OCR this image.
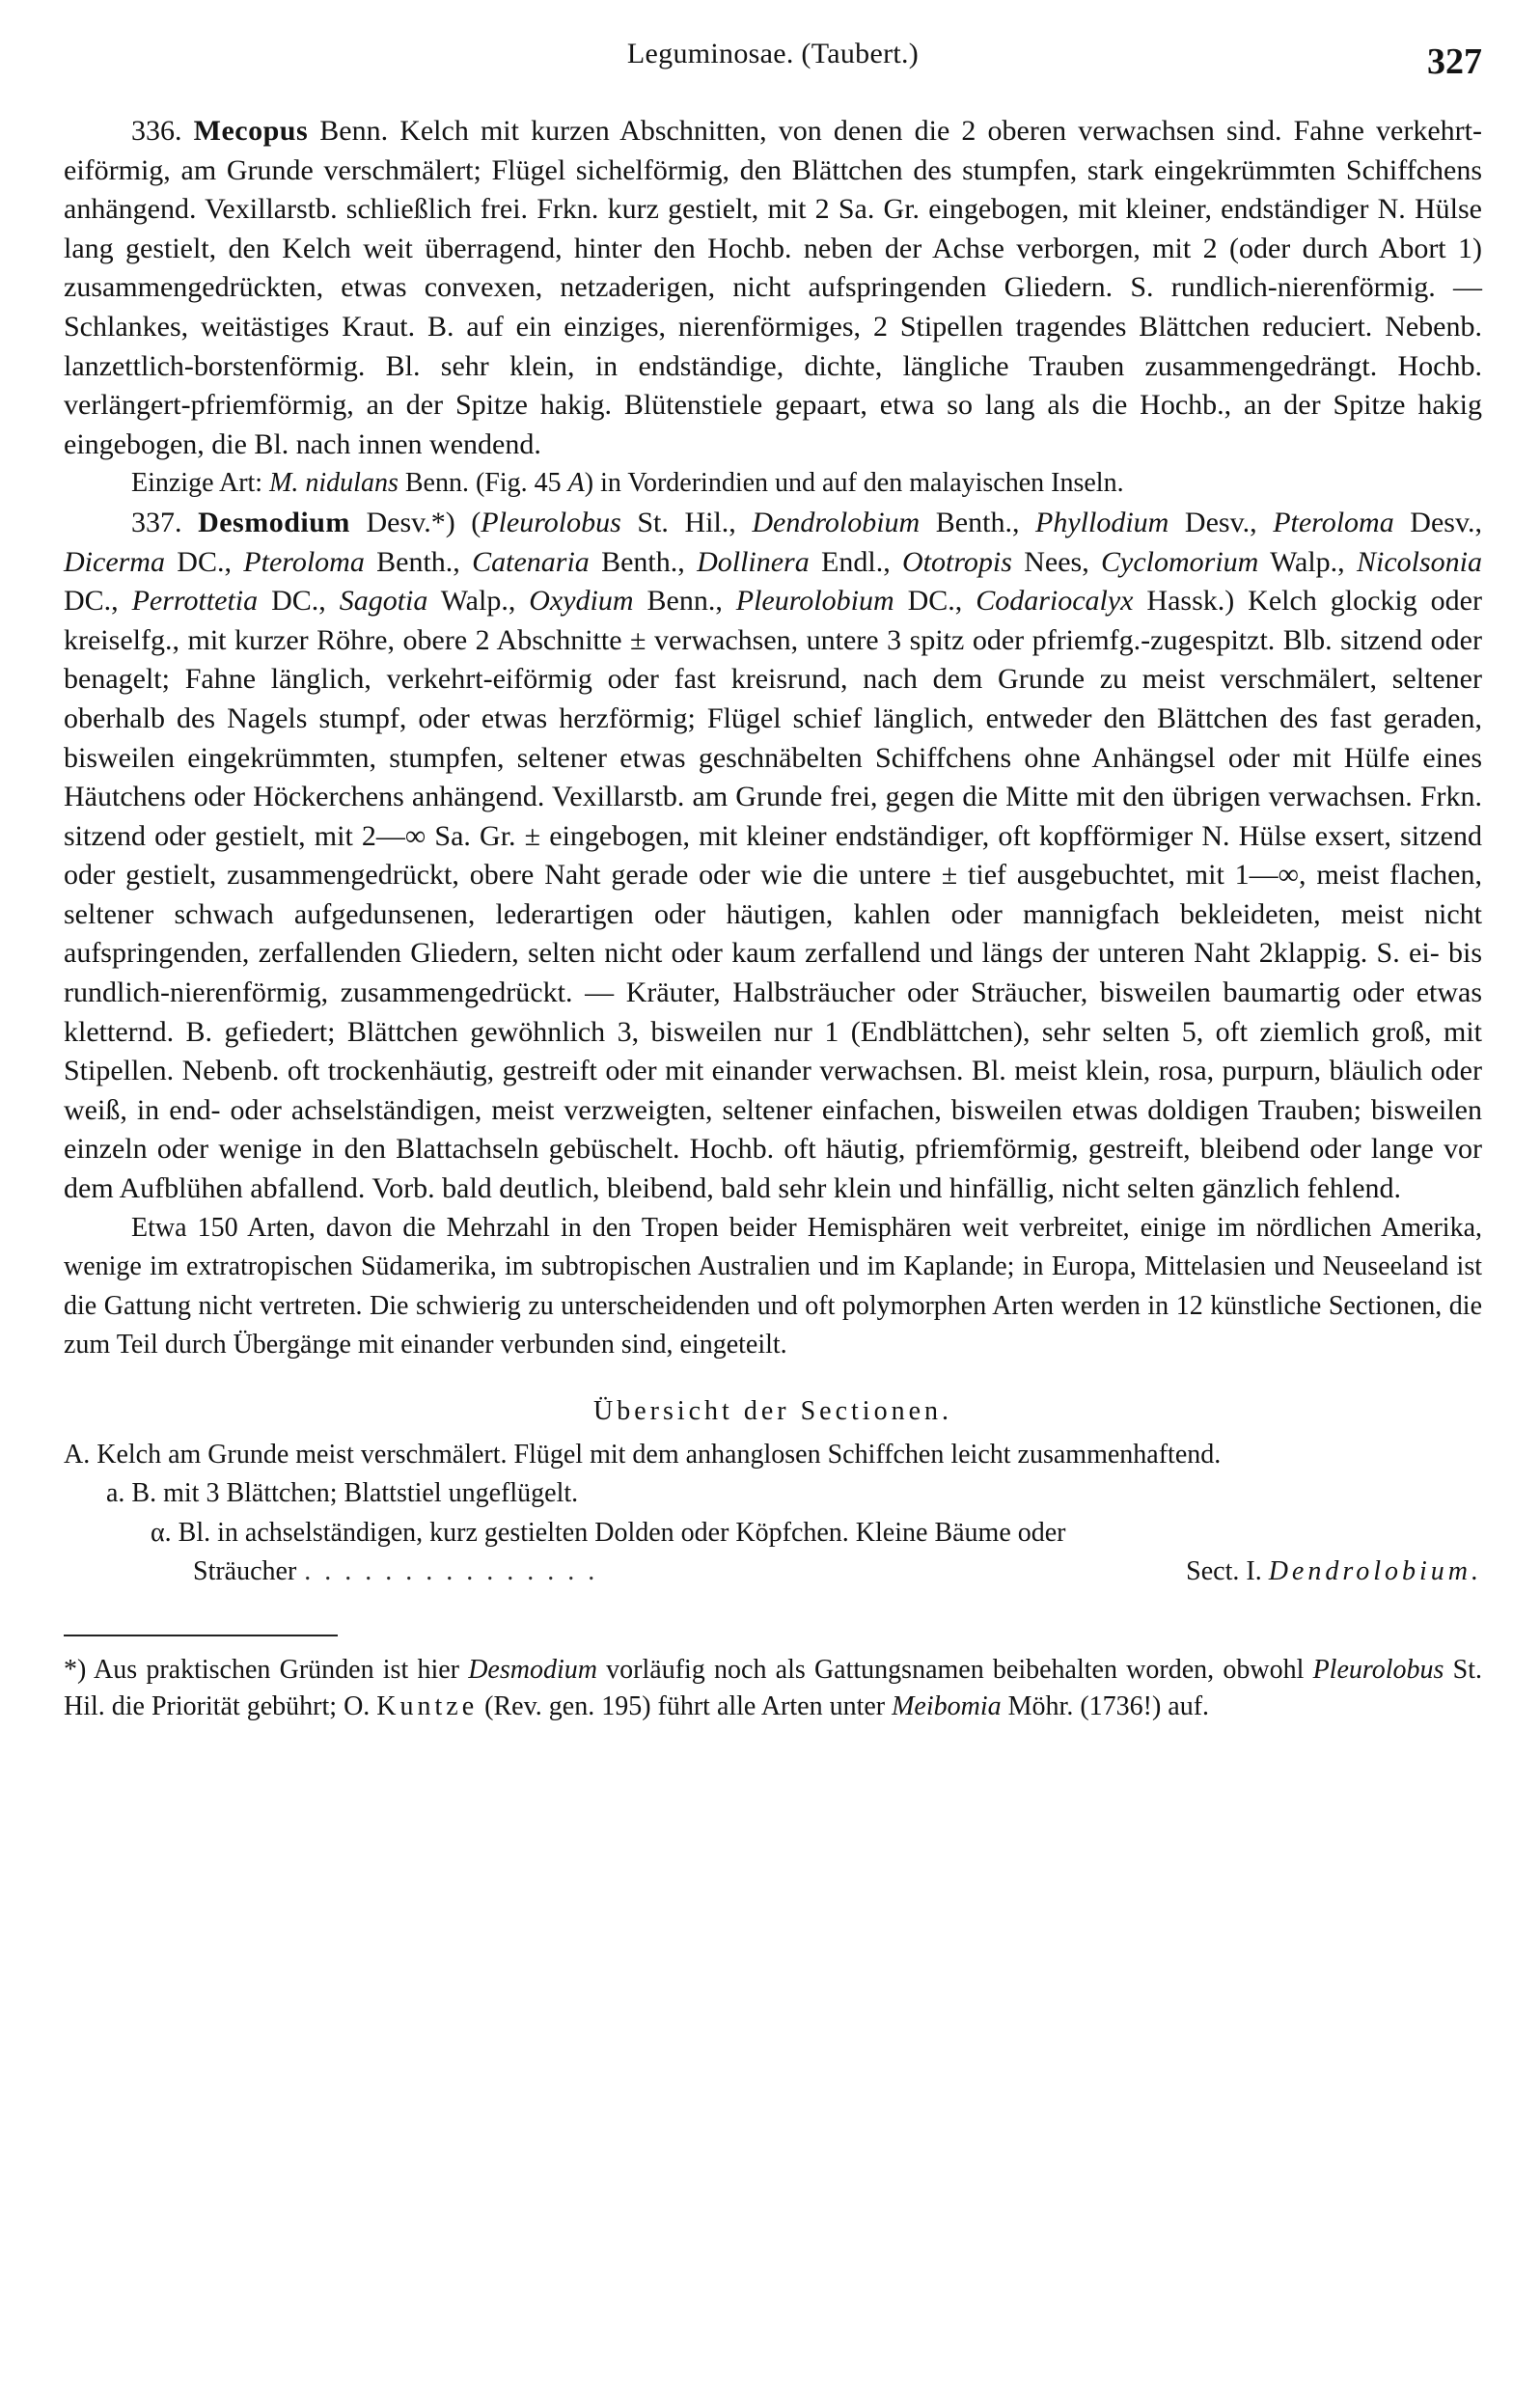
Leguminosae. (Taubert.)	327

336. Mecopus Benn. Kelch mit kurzen Abschnitten, von denen die 2 oberen verwachsen sind. Fahne verkehrt-eiförmig, am Grunde verschmälert; Flügel sichelförmig, den Blättchen des stumpfen, stark eingekrümmten Schiffchens anhängend. Vexillarstb. schließlich frei. Frkn. kurz gestielt, mit 2 Sa. Gr. eingebogen, mit kleiner, endständiger N. Hülse lang gestielt, den Kelch weit überragend, hinter den Hochb. neben der Achse verborgen, mit 2 (oder durch Abort 1) zusammengedrückten, etwas convexen, netzaderigen, nicht aufspringenden Gliedern. S. rundlich-nierenförmig. — Schlankes, weitästiges Kraut. B. auf ein einziges, nierenförmiges, 2 Stipellen tragendes Blättchen reduciert. Nebenb. lanzettlich-borstenförmig. Bl. sehr klein, in endständige, dichte, längliche Trauben zusammengedrängt. Hochb. verlängert-pfriemförmig, an der Spitze hakig. Blütenstiele gepaart, etwa so lang als die Hochb., an der Spitze hakig eingebogen, die Bl. nach innen wendend.

Einzige Art: M. nidulans Benn. (Fig. 45 A) in Vorderindien und auf den malayischen Inseln.

337. Desmodium Desv.*) (Pleurolobus St. Hil., Dendrolobium Benth., Phyllodium Desv., Pterolomа Desv., Dicerma DC., Pteroloma Benth., Catenaria Benth., Dollinera Endl., Ototropis Nees, Cyclomorium Walp., Nicolsonia DC., Perrottetia DC., Sagotia Walp., Oxydium Benn., Pleurolobium DC., Codariocalyx Hassk.) Kelch glockig oder kreiselfg., mit kurzer Röhre, obere 2 Abschnitte ± verwachsen, untere 3 spitz oder pfriemfg.-zugespitzt. Blb. sitzend oder benagelt; Fahne länglich, verkehrt-eiförmig oder fast kreisrund, nach dem Grunde zu meist verschmälert, seltener oberhalb des Nagels stumpf, oder etwas herzförmig; Flügel schief länglich, entweder den Blättchen des fast geraden, bisweilen eingekrümmten, stumpfen, seltener etwas geschnäbelten Schiffchens ohne Anhängsel oder mit Hülfe eines Häutchens oder Höckerchens anhängend. Vexillarstb. am Grunde frei, gegen die Mitte mit den übrigen verwachsen. Frkn. sitzend oder gestielt, mit 2—∞ Sa. Gr. ± eingebogen, mit kleiner endständiger, oft kopfförmiger N. Hülse exsert, sitzend oder gestielt, zusammengedrückt, obere Naht gerade oder wie die untere ± tief ausgebuchtet, mit 1—∞, meist flachen, seltener schwach aufgedunsenen, lederartigen oder häutigen, kahlen oder mannigfach bekleideten, meist nicht aufspringenden, zerfallenden Gliedern, selten nicht oder kaum zerfallend und längs der unteren Naht 2klappig. S. ei- bis rundlich-nierenförmig, zusammengedrückt. — Kräuter, Halbsträucher oder Sträucher, bisweilen baumartig oder etwas kletternd. B. gefiedert; Blättchen gewöhnlich 3, bisweilen nur 1 (Endblättchen), sehr selten 5, oft ziemlich groß, mit Stipellen. Nebenb. oft trockenhäutig, gestreift oder mit einander verwachsen. Bl. meist klein, rosa, purpurn, bläulich oder weiß, in end- oder achselständigen, meist verzweigten, seltener einfachen, bisweilen etwas doldigen Trauben; bisweilen einzeln oder wenige in den Blattachseln gebüschelt. Hochb. oft häutig, pfriemförmig, gestreift, bleibend oder lange vor dem Aufblühen abfallend. Vorb. bald deutlich, bleibend, bald sehr klein und hinfällig, nicht selten gänzlich fehlend.

Etwa 150 Arten, davon die Mehrzahl in den Tropen beider Hemisphären weit verbreitet, einige im nördlichen Amerika, wenige im extratropischen Südamerika, im subtropischen Australien und im Kaplande; in Europa, Mittelasien und Neuseeland ist die Gattung nicht vertreten. Die schwierig zu unterscheidenden und oft polymorphen Arten werden in 12 künstliche Sectionen, die zum Teil durch Übergänge mit einander verbunden sind, eingeteilt.

Übersicht der Sectionen.

A. Kelch am Grunde meist verschmälert. Flügel mit dem anhanglosen Schiffchen leicht zusammenhaftend.

a. B. mit 3 Blättchen; Blattstiel ungeflügelt.

α. Bl. in achselständigen, kurz gestielten Dolden oder Köpfchen. Kleine Bäume oder

Sträucher ...............	Sect. I. Dendrolobium.

*) Aus praktischen Gründen ist hier Desmodium vorläufig noch als Gattungsnamen beibehalten worden, obwohl Pleurolobus St. Hil. die Priorität gebührt; O. Kuntze (Rev. gen. 195) führt alle Arten unter Meibomia Möhr. (1736!) auf.
